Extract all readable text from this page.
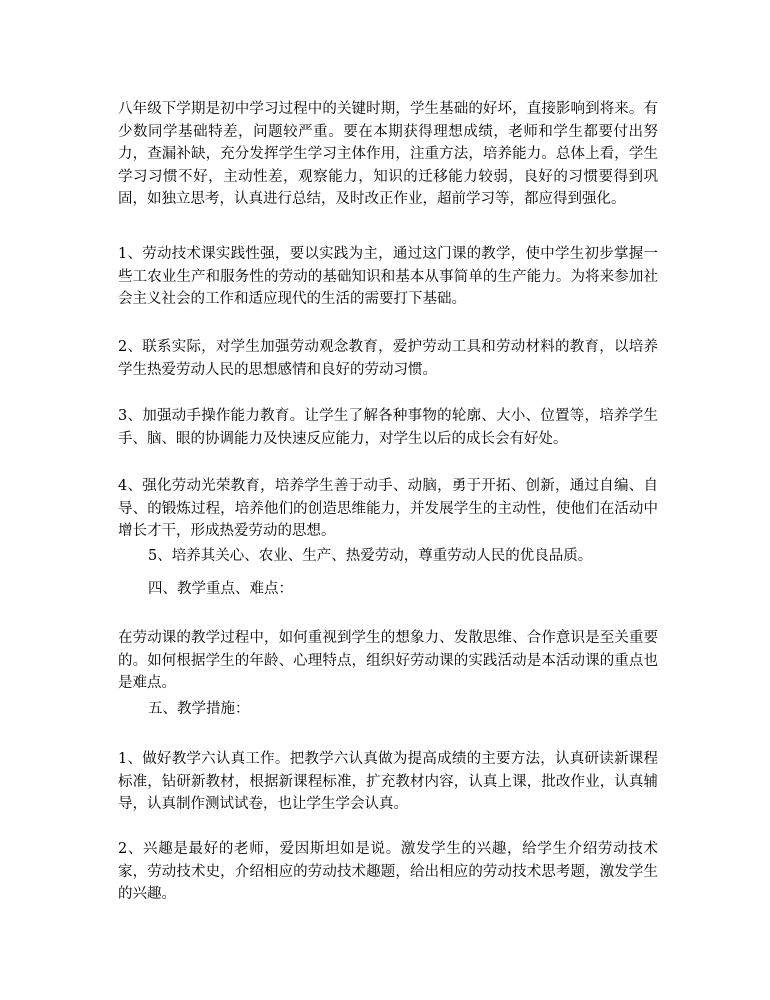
八年级下学期是初中学习过程中的关键时期，学生基础的好坏，直接影响到将来。有少数同学基础特差，问题较严重。要在本期获得理想成绩，老师和学生都要付出努力，查漏补缺，充分发挥学生学习主体作用，注重方法，培养能力。总体上看，学生学习习惯不好，主动性差，观察能力，知识的迁移能力较弱，良好的习惯要得到巩固，如独立思考，认真进行总结，及时改正作业，超前学习等，都应得到强化。

1、劳动技术课实践性强，要以实践为主，通过这门课的教学，使中学生初步掌握一些工农业生产和服务性的劳动的基础知识和基本从事简单的生产能力。为将来参加社会主义社会的工作和适应现代的生活的需要打下基础。

2、联系实际，对学生加强劳动观念教育，爱护劳动工具和劳动材料的教育，以培养学生热爱劳动人民的思想感情和良好的劳动习惯。

3、加强动手操作能力教育。让学生了解各种事物的轮廓、大小、位置等，培养学生手、脑、眼的协调能力及快速反应能力，对学生以后的成长会有好处。

4、强化劳动光荣教育，培养学生善于动手、动脑，勇于开拓、创新，通过自编、自导、的锻炼过程，培养他们的创造思维能力，并发展学生的主动性，使他们在活动中增长才干，形成热爱劳动的思想。

5、培养其关心、农业、生产、热爱劳动，尊重劳动人民的优良品质。

四、教学重点、难点：

在劳动课的教学过程中，如何重视到学生的想象力、发散思维、合作意识是至关重要的。如何根据学生的年龄、心理特点，组织好劳动课的实践活动是本活动课的重点也是难点。

五、教学措施：

1、做好教学六认真工作。把教学六认真做为提高成绩的主要方法，认真研读新课程标准，钻研新教材，根据新课程标准，扩充教材内容，认真上课，批改作业，认真辅导，认真制作测试试卷，也让学生学会认真。

2、兴趣是最好的老师，爱因斯坦如是说。激发学生的兴趣，给学生介绍劳动技术家，劳动技术史，介绍相应的劳动技术趣题，给出相应的劳动技术思考题，激发学生的兴趣。
